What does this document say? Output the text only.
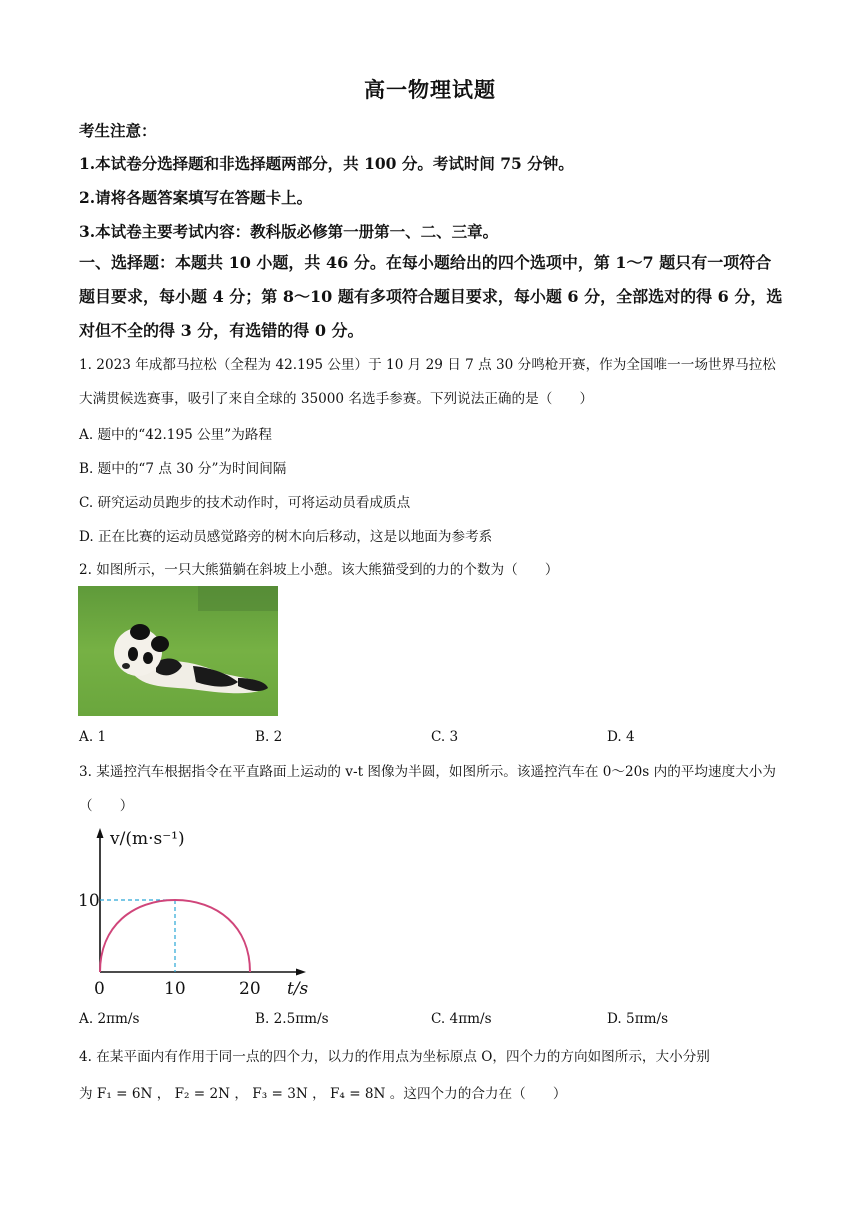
高一物理试题
考生注意：
1.本试卷分选择题和非选择题两部分，共 100 分。考试时间 75 分钟。
2.请将各题答案填写在答题卡上。
3.本试卷主要考试内容：教科版必修第一册第一、二、三章。
一、选择题：本题共 10 小题，共 46 分。在每小题给出的四个选项中，第 1～7 题只有一项符合题目要求，每小题 4 分；第 8～10 题有多项符合题目要求，每小题 6 分，全部选对的得 6 分，选对但不全的得 3 分，有选错的得 0 分。
1. 2023 年成都马拉松（全程为 42.195 公里）于 10 月 29 日 7 点 30 分鸣枪开赛，作为全国唯一一场世界马拉松大满贯候选赛事，吸引了来自全球的 35000 名选手参赛。下列说法正确的是（　　）
A. 题中的“42.195 公里”为路程
B. 题中的“7 点 30 分”为时间间隔
C. 研究运动员跑步的技术动作时，可将运动员看成质点
D. 正在比赛的运动员感觉路旁的树木向后移动，这是以地面为参考系
2. 如图所示，一只大熊猫躺在斜坡上小憩。该大熊猫受到的力的个数为（　　）
A. 1	B. 2	C. 3	D. 4
3. 某遥控汽车根据指令在平直路面上运动的 v-t 图像为半圆，如图所示。该遥控汽车在 0～20s 内的平均速度大小为（　　）
v/(m·s⁻¹)
10
0	10	20 t/s
A. 2πm/s	B. 2.5πm/s	C. 4πm/s	D. 5πm/s
4. 在某平面内有作用于同一点的四个力，以力的作用点为坐标原点 O，四个力的方向如图所示，大小分别
为 F₁ = 6N ， F₂ = 2N ， F₃ = 3N ， F₄ = 8N 。这四个力的合力在（　　）
